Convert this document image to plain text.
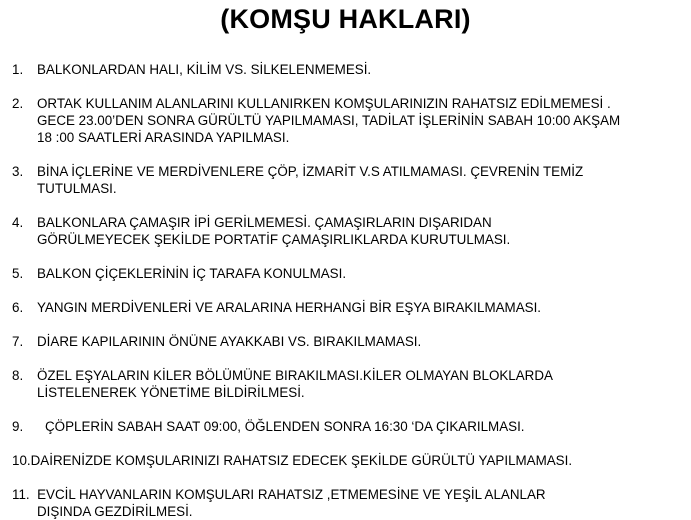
(KOMŞU HAKLARI)
1.	BALKONLARDAN HALI, KİLİM VS. SİLKELENMEMESİ.
2.	ORTAK KULLANIM ALANLARINI KULLANIRKEN KOMŞULARINIZIN RAHATSIZ EDİLMEMESİ .
GECE 23.00’DEN SONRA GÜRÜLTÜ YAPILMAMASI, TADİLAT İŞLERİNİN SABAH 10:00 AKŞAM
18 :00 SAATLERİ ARASINDA YAPILMASI.
3.	BİNA İÇLERİNE VE MERDİVENLERE ÇÖP, İZMARİT V.S ATILMAMASI. ÇEVRENİN TEMİZ
TUTULMASI.
4.	BALKONLARA ÇAMAŞIR İPİ GERİLMEMESİ. ÇAMAŞIRLARIN DIŞARIDAN
GÖRÜLMEYECEK ŞEKİLDE PORTATİF ÇAMAŞIRLIKLARDA KURUTULMASI.
5.	BALKON ÇİÇEKLERİNİN İÇ TARAFA KONULMASI.
6.	YANGIN MERDİVENLERİ VE ARALARINA HERHANGİ BİR EŞYA BIRAKILMAMASI.
7.	DİARE KAPILARININ ÖNÜNE AYAKKABI VS. BIRAKILMAMASI.
8.	ÖZEL EŞYALARIN KİLER BÖLÜMÜNE BIRAKILMASI.KİLER OLMAYAN BLOKLARDA
LİSTELENEREK YÖNETİME BİLDİRİLMESİ.
9.	ÇÖPLERİN SABAH SAAT 09:00, ÖĞLENDEN SONRA 16:30 ‘DA ÇIKARILMASI.
10.DAİRENİZDE KOMŞULARINIZI RAHATSIZ EDECEK ŞEKİLDE GÜRÜLTÜ YAPILMAMASI.
11. EVCİL HAYVANLARIN KOMŞULARI RAHATSIZ ,ETMEMESİNE VE YEŞİL ALANLAR
DIŞINDA GEZDİRİLMESİ.
